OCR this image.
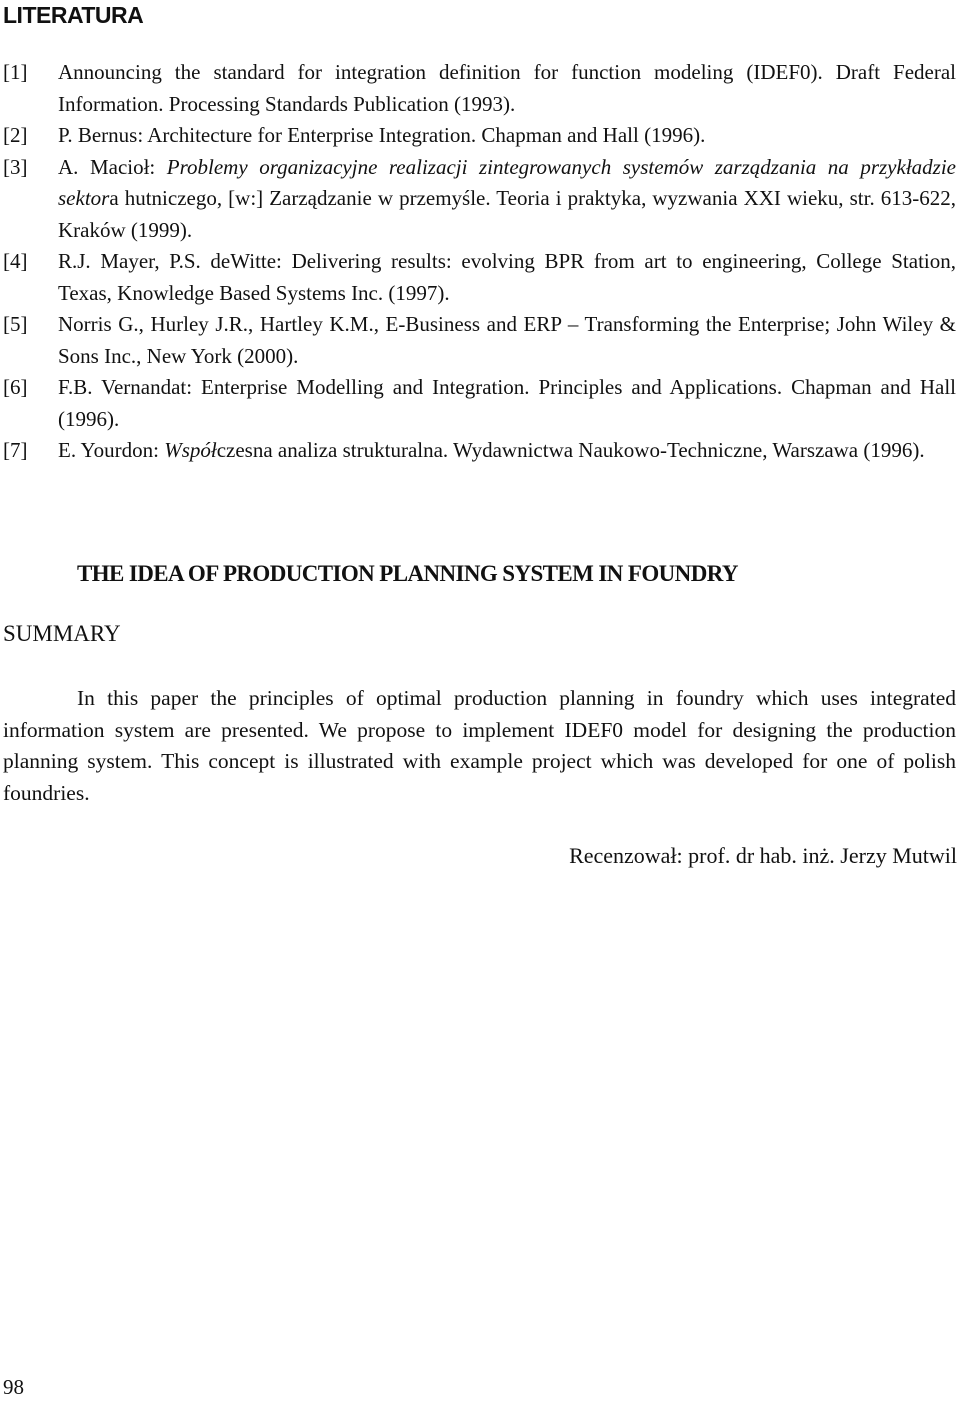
LITERATURA
[1] Announcing the standard for integration definition for function modeling (IDEF0). Draft Federal Information. Processing Standards Publication (1993).
[2] P. Bernus: Architecture for Enterprise Integration. Chapman and Hall (1996).
[3] A. Macioł: Problemy organizacyjne realizacji zintegrowanych systemów zarządzania na przykładzie sektora hutniczego, [w:] Zarządzanie w przemyśle. Teoria i praktyka, wyzwania XXI wieku, str. 613-622, Kraków (1999).
[4] R.J. Mayer, P.S. deWitte: Delivering results: evolving BPR from art to engineering, College Station, Texas, Knowledge Based Systems Inc. (1997).
[5] Norris G., Hurley J.R., Hartley K.M., E-Business and ERP – Transforming the Enterprise; John Wiley & Sons Inc., New York (2000).
[6] F.B. Vernandat: Enterprise Modelling and Integration. Principles and Applications. Chapman and Hall (1996).
[7] E. Yourdon: Współczesna analiza strukturalna. Wydawnictwa Naukowo-Techniczne, Warszawa (1996).
THE IDEA OF PRODUCTION PLANNING SYSTEM IN FOUNDRY
SUMMARY
In this paper the principles of optimal production planning in foundry which uses integrated information system are presented. We propose to implement IDEF0 model for designing the production planning system. This concept is illustrated with example project which was developed for one of polish foundries.
Recenzował: prof. dr hab. inż. Jerzy Mutwil
98
